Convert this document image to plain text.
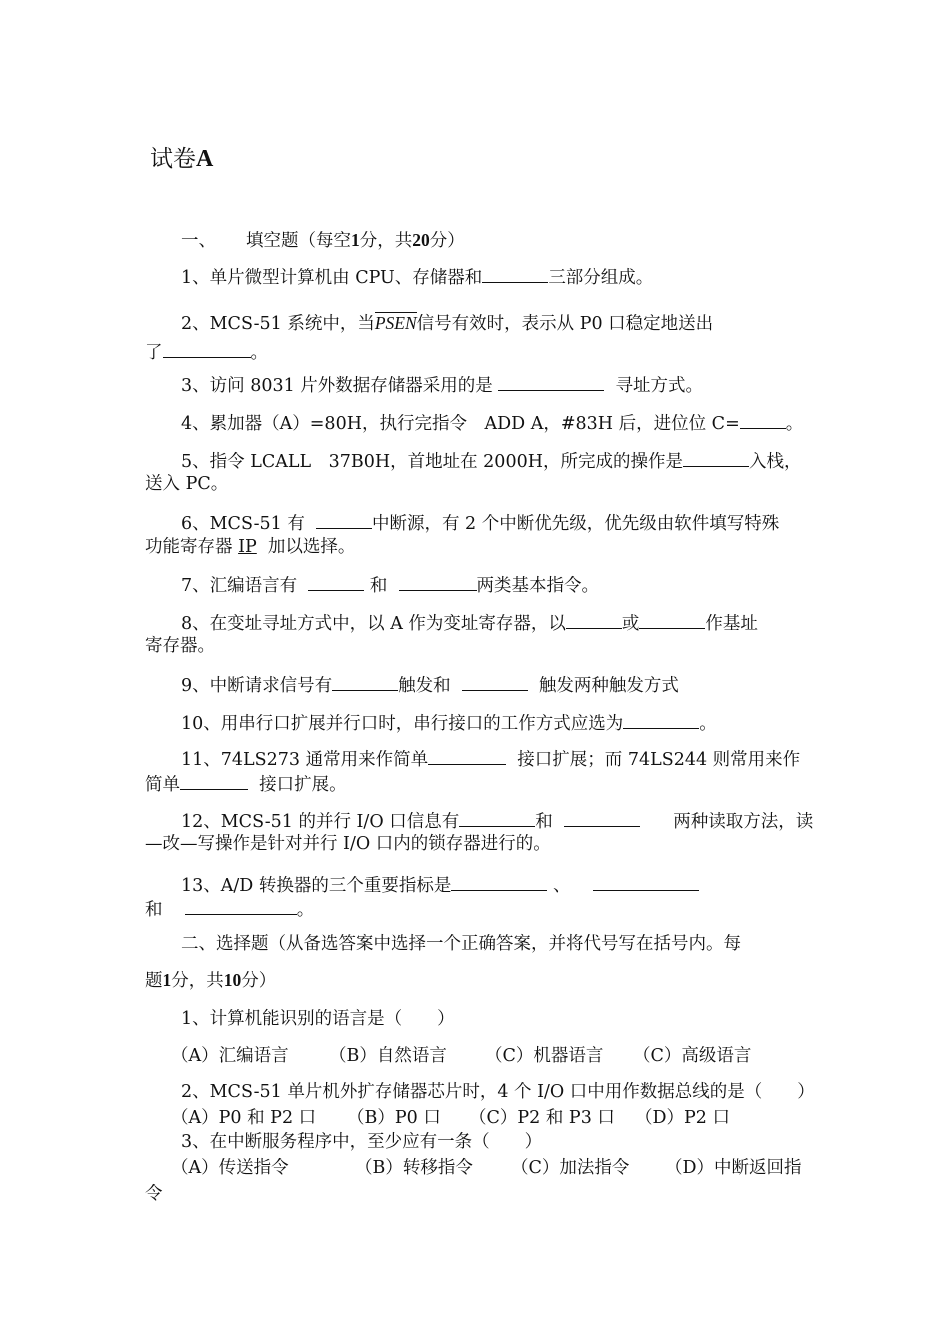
试卷A
一、 填空题（每空1分，共20分）
1、单片微型计算机由 CPU、存储器和	三部分组成。
2、MCS-51 系统中，当PSEN信号有效时，表示从 P0 口稳定地送出
了	。
3、访问 8031 片外数据存储器采用的是	寻址方式。
4、累加器（A）=80H，执行完指令　ADD A，#83H 后，进位位 C=	。
5、指令 LCALL　37B0H，首地址在 2000H，所完成的操作是	入栈，
送入 PC。
6、MCS-51 有	中断源，有 2 个中断优先级，优先级由软件填写特殊
功能寄存器 IP 加以选择。
7、汇编语言有	和	两类基本指令。
8、在变址寻址方式中，以 A 作为变址寄存器，以	或	作基址
寄存器。
9、中断请求信号有	触发和	触发两种触发方式
10、用串行口扩展并行口时，串行接口的工作方式应选为	。
11、74LS273 通常用来作简单	接口扩展；而 74LS244 则常用来作
简单	接口扩展。
12、MCS-51 的并行 I/O 口信息有	和	两种读取方法，读
—改—写操作是针对并行 I/O 口内的锁存器进行的。
13、A/D 转换器的三个重要指标是	、
和	。
二、选择题（从备选答案中选择一个正确答案，并将代号写在括号内。每
题1分，共10分）
1、计算机能识别的语言是（　　）
（A）汇编语言 （B）自然语言 （C）机器语言 （C）高级语言
2、MCS-51 单片机外扩存储器芯片时，4 个 I/O 口中用作数据总线的是（　　）
（A）P0 和 P2 口 （B）P0 口 （C）P2 和 P3 口 （D）P2 口
3、在中断服务程序中，至少应有一条（　　）
（A）传送指令	（B）转移指令 （C）加法指令 （D）中断返回指
令
